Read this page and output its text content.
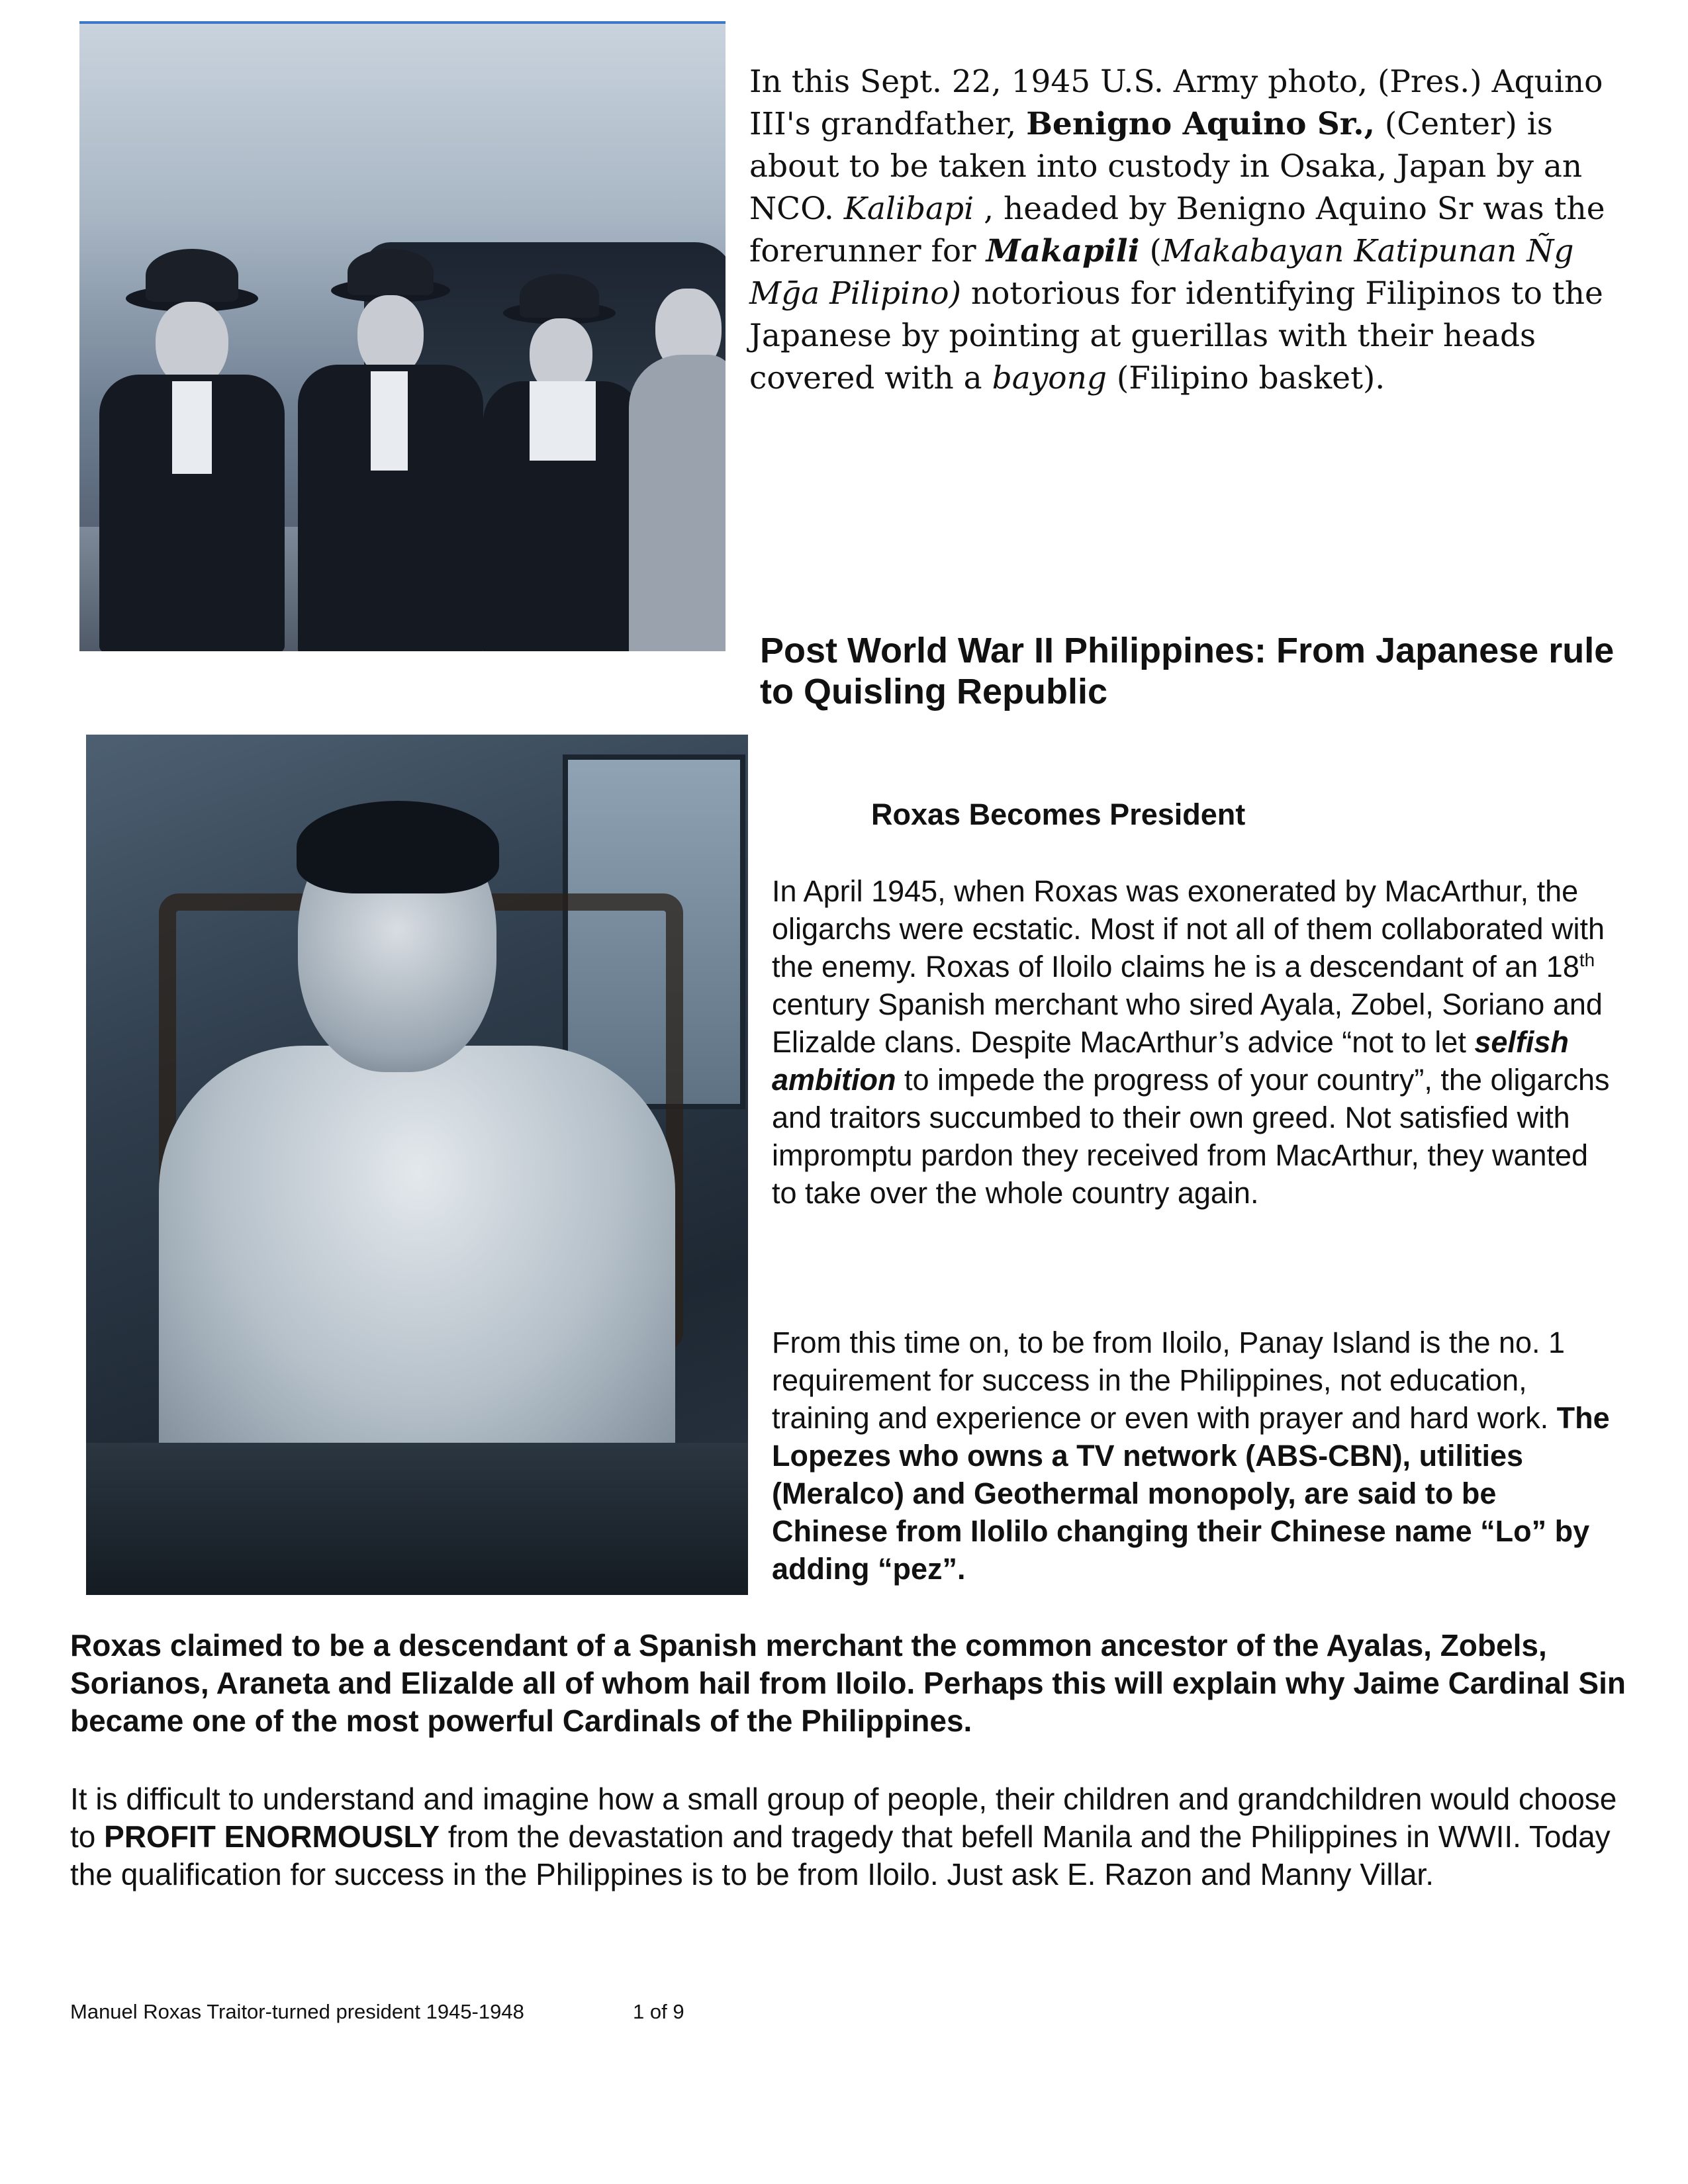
In this Sept. 22, 1945 U.S. Army photo, (Pres.) Aquino III's grandfather, Benigno Aquino Sr., (Center) is about to be taken into custody in Osaka, Japan by an NCO. Kalibapi , headed by Benigno Aquino Sr was the forerunner for Makapili (Makabayan Katipunan Ñg Mḡa Pilipino) notorious for identifying Filipinos to the Japanese by pointing at guerillas with their heads covered with a bayong (Filipino basket).

Post World War II Philippines: From Japanese rule to Quisling Republic
Roxas Becomes President

In April 1945, when Roxas was exonerated by MacArthur, the oligarchs were ecstatic. Most if not all of them collaborated with the enemy. Roxas of Iloilo claims he is a descendant of an 18th century Spanish merchant who sired Ayala, Zobel, Soriano and Elizalde clans. Despite MacArthur’s advice “not to let selfish ambition to impede the progress of your country”, the oligarchs and traitors succumbed to their own greed. Not satisfied with impromptu pardon they received from MacArthur, they wanted to take over the whole country again.

From this time on, to be from Iloilo, Panay Island is the no. 1 requirement for success in the Philippines, not education, training and experience or even with prayer and hard work. The Lopezes who owns a TV network (ABS-CBN), utilities (Meralco) and Geothermal monopoly, are said to be Chinese from Ilolilo changing their Chinese name “Lo” by adding “pez”.

Roxas claimed to be a descendant of a Spanish merchant the common ancestor of the Ayalas, Zobels, Sorianos, Araneta and Elizalde all of whom hail from Iloilo. Perhaps this will explain why Jaime Cardinal Sin became one of the most powerful Cardinals of the Philippines.

It is difficult to understand and imagine how a small group of people, their children and grandchildren would choose to PROFIT ENORMOUSLY from the devastation and tragedy that befell Manila and the Philippines in WWII. Today the qualification for success in the Philippines is to be from Iloilo. Just ask E. Razon and Manny Villar.

Manuel Roxas Traitor-turned president 1945-1948	1 of 9
